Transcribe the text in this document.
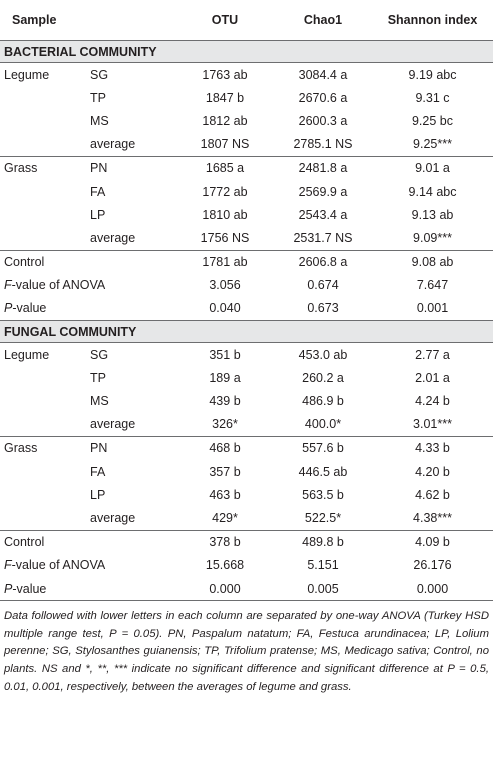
Sample		OTU	Chao1	Shannon index
BACTERIAL COMMUNITY				
Legume	SG	1763 ab	3084.4 a	9.19 abc
	TP	1847 b	2670.6 a	9.31 c
	MS	1812 ab	2600.3 a	9.25 bc
	average	1807 NS	2785.1 NS	9.25***
Grass	PN	1685 a	2481.8 a	9.01 a
	FA	1772 ab	2569.9 a	9.14 abc
	LP	1810 ab	2543.4 a	9.13 ab
	average	1756 NS	2531.7 NS	9.09***
Control		1781 ab	2606.8 a	9.08 ab
F-value of ANOVA		3.056	0.674	7.647
P-value		0.040	0.673	0.001
FUNGAL COMMUNITY				
Legume	SG	351 b	453.0 ab	2.77 a
	TP	189 a	260.2 a	2.01 a
	MS	439 b	486.9 b	4.24 b
	average	326*	400.0*	3.01***
Grass	PN	468 b	557.6 b	4.33 b
	FA	357 b	446.5 ab	4.20 b
	LP	463 b	563.5 b	4.62 b
	average	429*	522.5*	4.38***
Control		378 b	489.8 b	4.09 b
F-value of ANOVA		15.668	5.151	26.176
P-value		0.000	0.005	0.000
Data followed with lower letters in each column are separated by one-way ANOVA (Turkey HSD multiple range test, P = 0.05). PN, Paspalum natatum; FA, Festuca arundinacea; LP, Lolium perenne; SG, Stylosanthes guianensis; TP, Trifolium pratense; MS, Medicago sativa; Control, no plants. NS and *, **, *** indicate no significant difference and significant difference at P = 0.5, 0.01, 0.001, respectively, between the averages of legume and grass.
